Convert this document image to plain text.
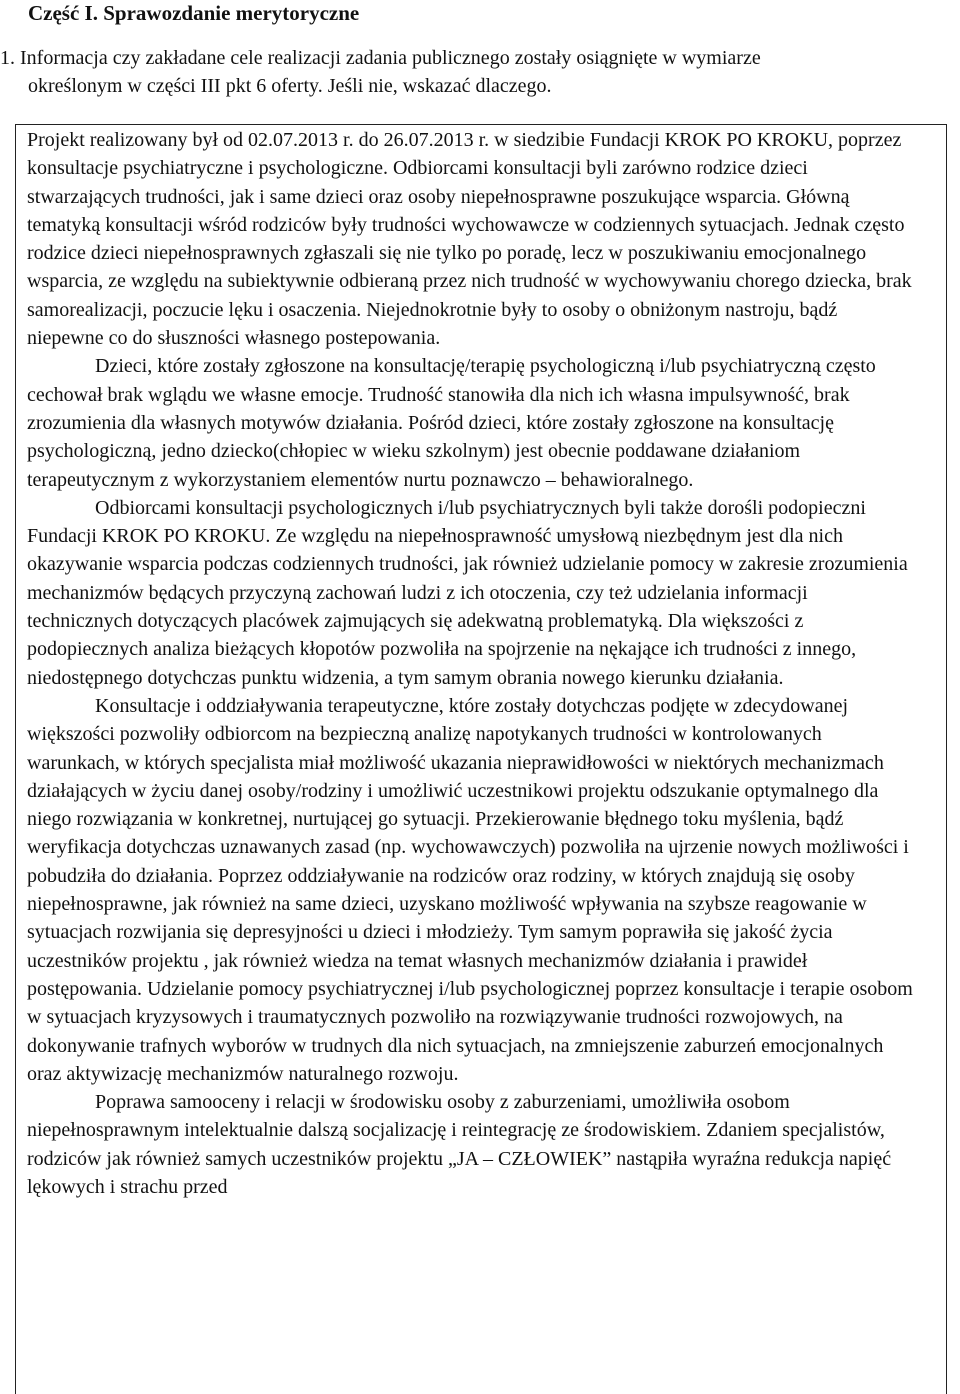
Część I. Sprawozdanie merytoryczne
1. Informacja czy zakładane cele realizacji zadania publicznego zostały osiągnięte w wymiarze
określonym w części III pkt 6 oferty. Jeśli nie, wskazać dlaczego.

Projekt realizowany był od 02.07.2013 r. do 26.07.2013 r. w siedzibie Fundacji KROK PO KROKU, poprzez konsultacje psychiatryczne i psychologiczne. Odbiorcami konsultacji byli zarówno rodzice dzieci stwarzających trudności, jak i same dzieci oraz osoby niepełnosprawne poszukujące wsparcia. Główną tematyką konsultacji wśród rodziców były trudności wychowawcze w codziennych sytuacjach. Jednak często rodzice dzieci niepełnosprawnych zgłaszali się nie tylko po poradę, lecz w poszukiwaniu emocjonalnego wsparcia, ze względu na subiektywnie odbieraną przez nich trudność w wychowywaniu chorego dziecka, brak samorealizacji, poczucie lęku i osaczenia. Niejednokrotnie były to osoby o obniżonym nastroju, bądź niepewne co do słuszności własnego postepowania.

Dzieci, które zostały zgłoszone na konsultację/terapię psychologiczną i/lub psychiatryczną często cechował brak wglądu we własne emocje. Trudność stanowiła dla nich ich własna impulsywność, brak zrozumienia dla własnych motywów działania. Pośród dzieci, które zostały zgłoszone na konsultację psychologiczną, jedno dziecko(chłopiec w wieku szkolnym) jest obecnie poddawane działaniom terapeutycznym z wykorzystaniem elementów nurtu poznawczo – behawioralnego.

Odbiorcami konsultacji psychologicznych i/lub psychiatrycznych byli także dorośli podopieczni Fundacji KROK PO KROKU. Ze względu na niepełnosprawność umysłową niezbędnym jest dla nich okazywanie wsparcia podczas codziennych trudności, jak również udzielanie pomocy w zakresie zrozumienia mechanizmów będących przyczyną zachowań ludzi z ich otoczenia, czy też udzielania informacji technicznych dotyczących placówek zajmujących się adekwatną problematyką. Dla większości z podopiecznych analiza bieżących kłopotów pozwoliła na spojrzenie na nękające ich trudności z innego, niedostępnego dotychczas punktu widzenia, a tym samym obrania nowego kierunku działania.

Konsultacje i oddziaływania terapeutyczne, które zostały dotychczas podjęte w zdecydowanej większości pozwoliły odbiorcom na bezpieczną analizę napotykanych trudności w kontrolowanych warunkach, w których specjalista miał możliwość ukazania nieprawidłowości w niektórych mechanizmach działających w życiu danej osoby/rodziny i umożliwić uczestnikowi projektu odszukanie optymalnego dla niego rozwiązania w konkretnej, nurtującej go sytuacji. Przekierowanie błędnego toku myślenia, bądź weryfikacja dotychczas uznawanych zasad (np. wychowawczych) pozwoliła na ujrzenie nowych możliwości i pobudziła do działania. Poprzez oddziaływanie na rodziców oraz rodziny, w których znajdują się osoby niepełnosprawne, jak również na same dzieci, uzyskano możliwość wpływania na szybsze reagowanie w sytuacjach rozwijania się depresyjności u dzieci i młodzieży. Tym samym poprawiła się jakość życia uczestników projektu , jak również wiedza na temat własnych mechanizmów działania i prawideł postępowania. Udzielanie pomocy psychiatrycznej i/lub psychologicznej poprzez konsultacje i terapie osobom w sytuacjach kryzysowych i traumatycznych pozwoliło na rozwiązywanie trudności rozwojowych, na dokonywanie trafnych wyborów w trudnych dla nich sytuacjach, na zmniejszenie zaburzeń emocjonalnych oraz aktywizację mechanizmów naturalnego rozwoju.

Poprawa samooceny i relacji w środowisku osoby z zaburzeniami, umożliwiła osobom niepełnosprawnym intelektualnie dalszą socjalizację i reintegrację ze środowiskiem. Zdaniem specjalistów, rodziców jak również samych uczestników projektu „JA – CZŁOWIEK” nastąpiła wyraźna redukcja napięć lękowych i strachu przed
